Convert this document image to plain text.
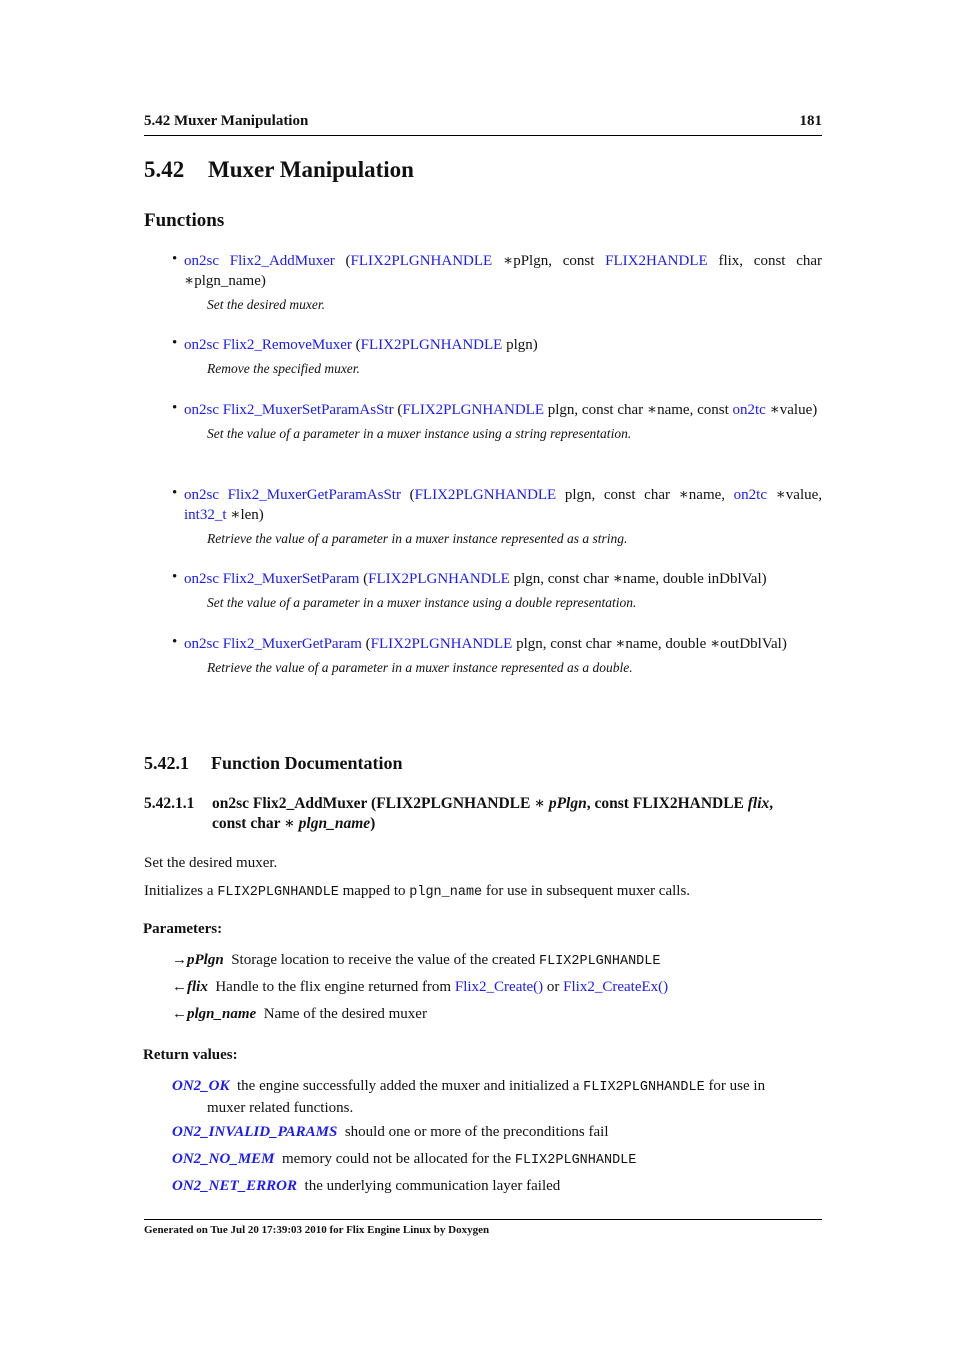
5.42 Muxer Manipulation	181
5.42 Muxer Manipulation
Functions
• on2sc Flix2_AddMuxer (FLIX2PLGNHANDLE ∗pPlgn, const FLIX2HANDLE flix, const char ∗plgn_name)
Set the desired muxer.
• on2sc Flix2_RemoveMuxer (FLIX2PLGNHANDLE plgn)
Remove the specified muxer.
• on2sc Flix2_MuxerSetParamAsStr (FLIX2PLGNHANDLE plgn, const char ∗name, const on2tc ∗value)
Set the value of a parameter in a muxer instance using a string representation.
• on2sc Flix2_MuxerGetParamAsStr (FLIX2PLGNHANDLE plgn, const char ∗name, on2tc ∗value, int32_t ∗len)
Retrieve the value of a parameter in a muxer instance represented as a string.
• on2sc Flix2_MuxerSetParam (FLIX2PLGNHANDLE plgn, const char ∗name, double inDblVal)
Set the value of a parameter in a muxer instance using a double representation.
• on2sc Flix2_MuxerGetParam (FLIX2PLGNHANDLE plgn, const char ∗name, double ∗outDblVal)
Retrieve the value of a parameter in a muxer instance represented as a double.
5.42.1 Function Documentation
5.42.1.1 on2sc Flix2_AddMuxer (FLIX2PLGNHANDLE ∗ pPlgn, const FLIX2HANDLE flix,
const char ∗ plgn_name)
Set the desired muxer.
Initializes a FLIX2PLGNHANDLE mapped to plgn_name for use in subsequent muxer calls.
Parameters:
→pPlgn Storage location to receive the value of the created FLIX2PLGNHANDLE
←flix Handle to the flix engine returned from Flix2_Create() or Flix2_CreateEx()
←plgn_name Name of the desired muxer
Return values:
ON2_OK the engine successfully added the muxer and initialized a FLIX2PLGNHANDLE for use in
muxer related functions.
ON2_INVALID_PARAMS should one or more of the preconditions fail
ON2_NO_MEM memory could not be allocated for the FLIX2PLGNHANDLE
ON2_NET_ERROR the underlying communication layer failed
Generated on Tue Jul 20 17:39:03 2010 for Flix Engine Linux by Doxygen
